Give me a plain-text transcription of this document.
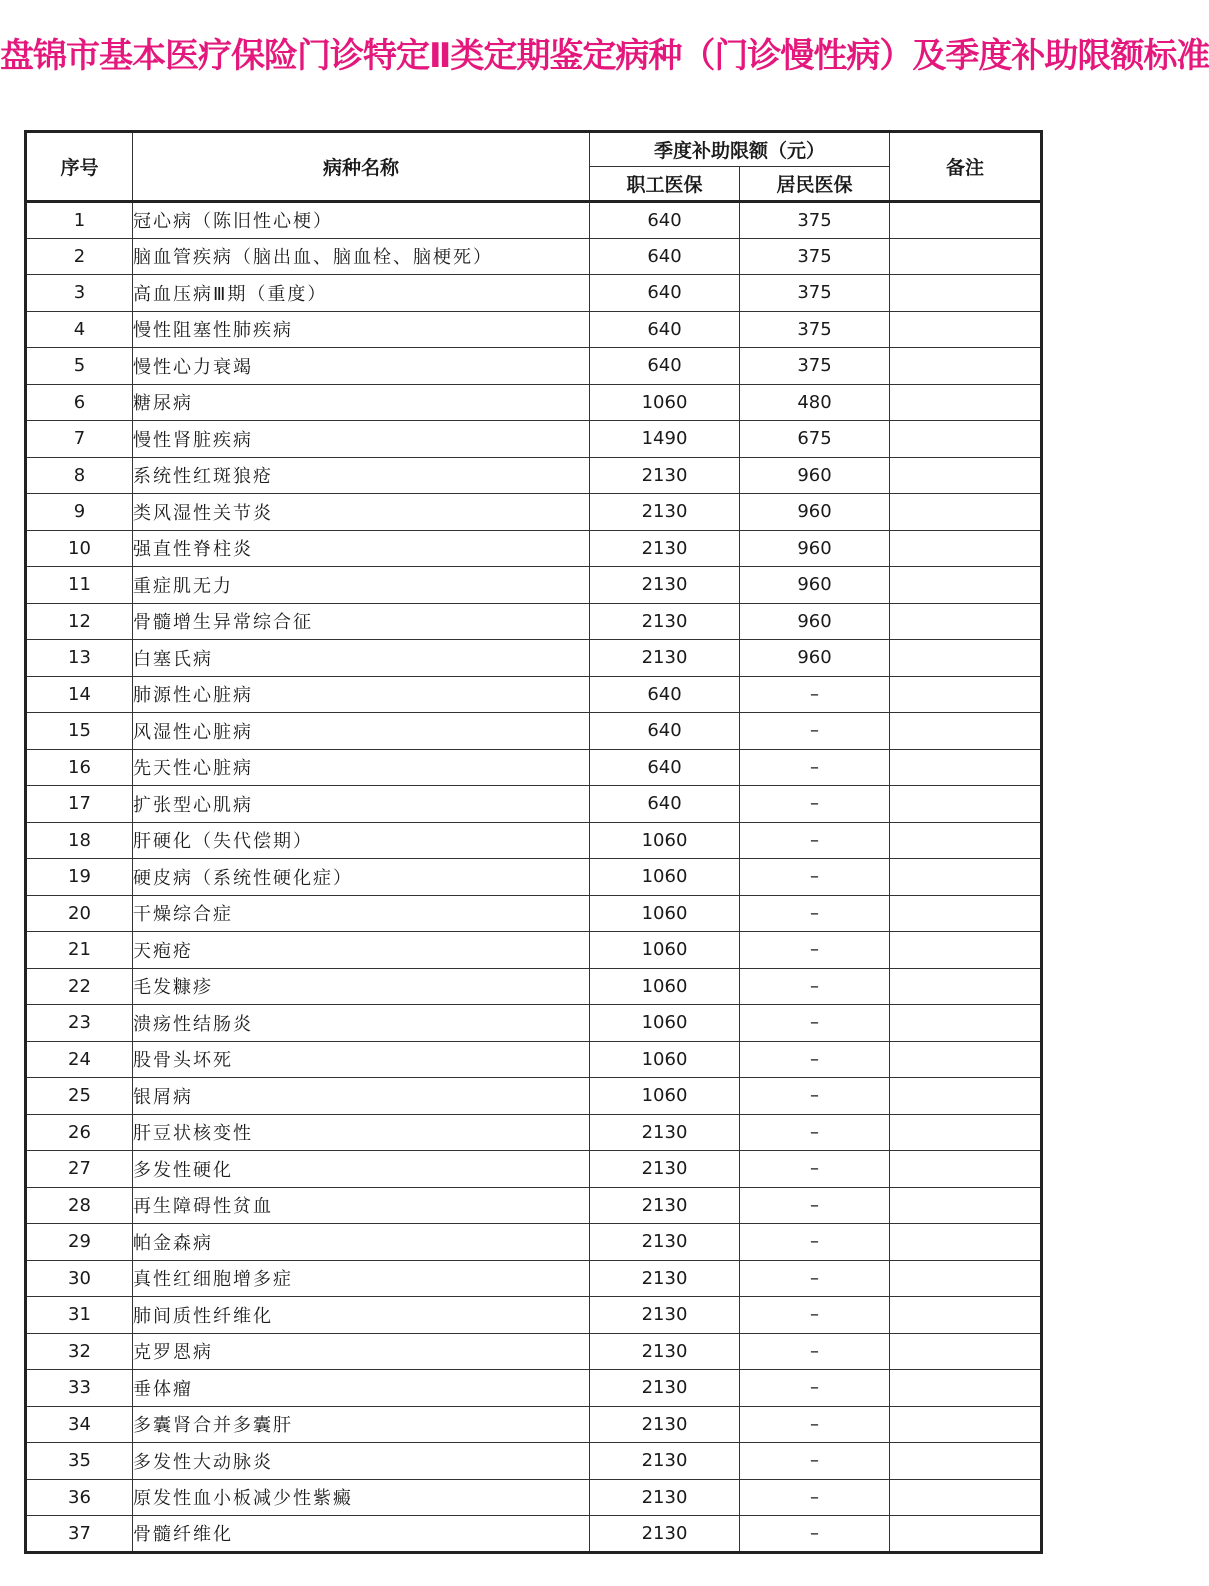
盘锦市基本医疗保险门诊特定Ⅱ类定期鉴定病种（门诊慢性病）及季度补助限额标准
序号	病种名称	季度补助限额（元）		备注
		职工医保	居民医保	
1	冠心病（陈旧性心梗）	640	375	
2	脑血管疾病（脑出血、脑血栓、脑梗死）	640	375	
3	高血压病Ⅲ期（重度）	640	375	
4	慢性阻塞性肺疾病	640	375	
5	慢性心力衰竭	640	375	
6	糖尿病	1060	480	
7	慢性肾脏疾病	1490	675	
8	系统性红斑狼疮	2130	960	
9	类风湿性关节炎	2130	960	
10	强直性脊柱炎	2130	960	
11	重症肌无力	2130	960	
12	骨髓增生异常综合征	2130	960	
13	白塞氏病	2130	960	
14	肺源性心脏病	640	–	
15	风湿性心脏病	640	–	
16	先天性心脏病	640	–	
17	扩张型心肌病	640	–	
18	肝硬化（失代偿期）	1060	–	
19	硬皮病（系统性硬化症）	1060	–	
20	干燥综合症	1060	–	
21	天疱疮	1060	–	
22	毛发糠疹	1060	–	
23	溃疡性结肠炎	1060	–	
24	股骨头坏死	1060	–	
25	银屑病	1060	–	
26	肝豆状核变性	2130	–	
27	多发性硬化	2130	–	
28	再生障碍性贫血	2130	–	
29	帕金森病	2130	–	
30	真性红细胞增多症	2130	–	
31	肺间质性纤维化	2130	–	
32	克罗恩病	2130	–	
33	垂体瘤	2130	–	
34	多囊肾合并多囊肝	2130	–	
35	多发性大动脉炎	2130	–	
36	原发性血小板减少性紫癜	2130	–	
37	骨髓纤维化	2130	–	
